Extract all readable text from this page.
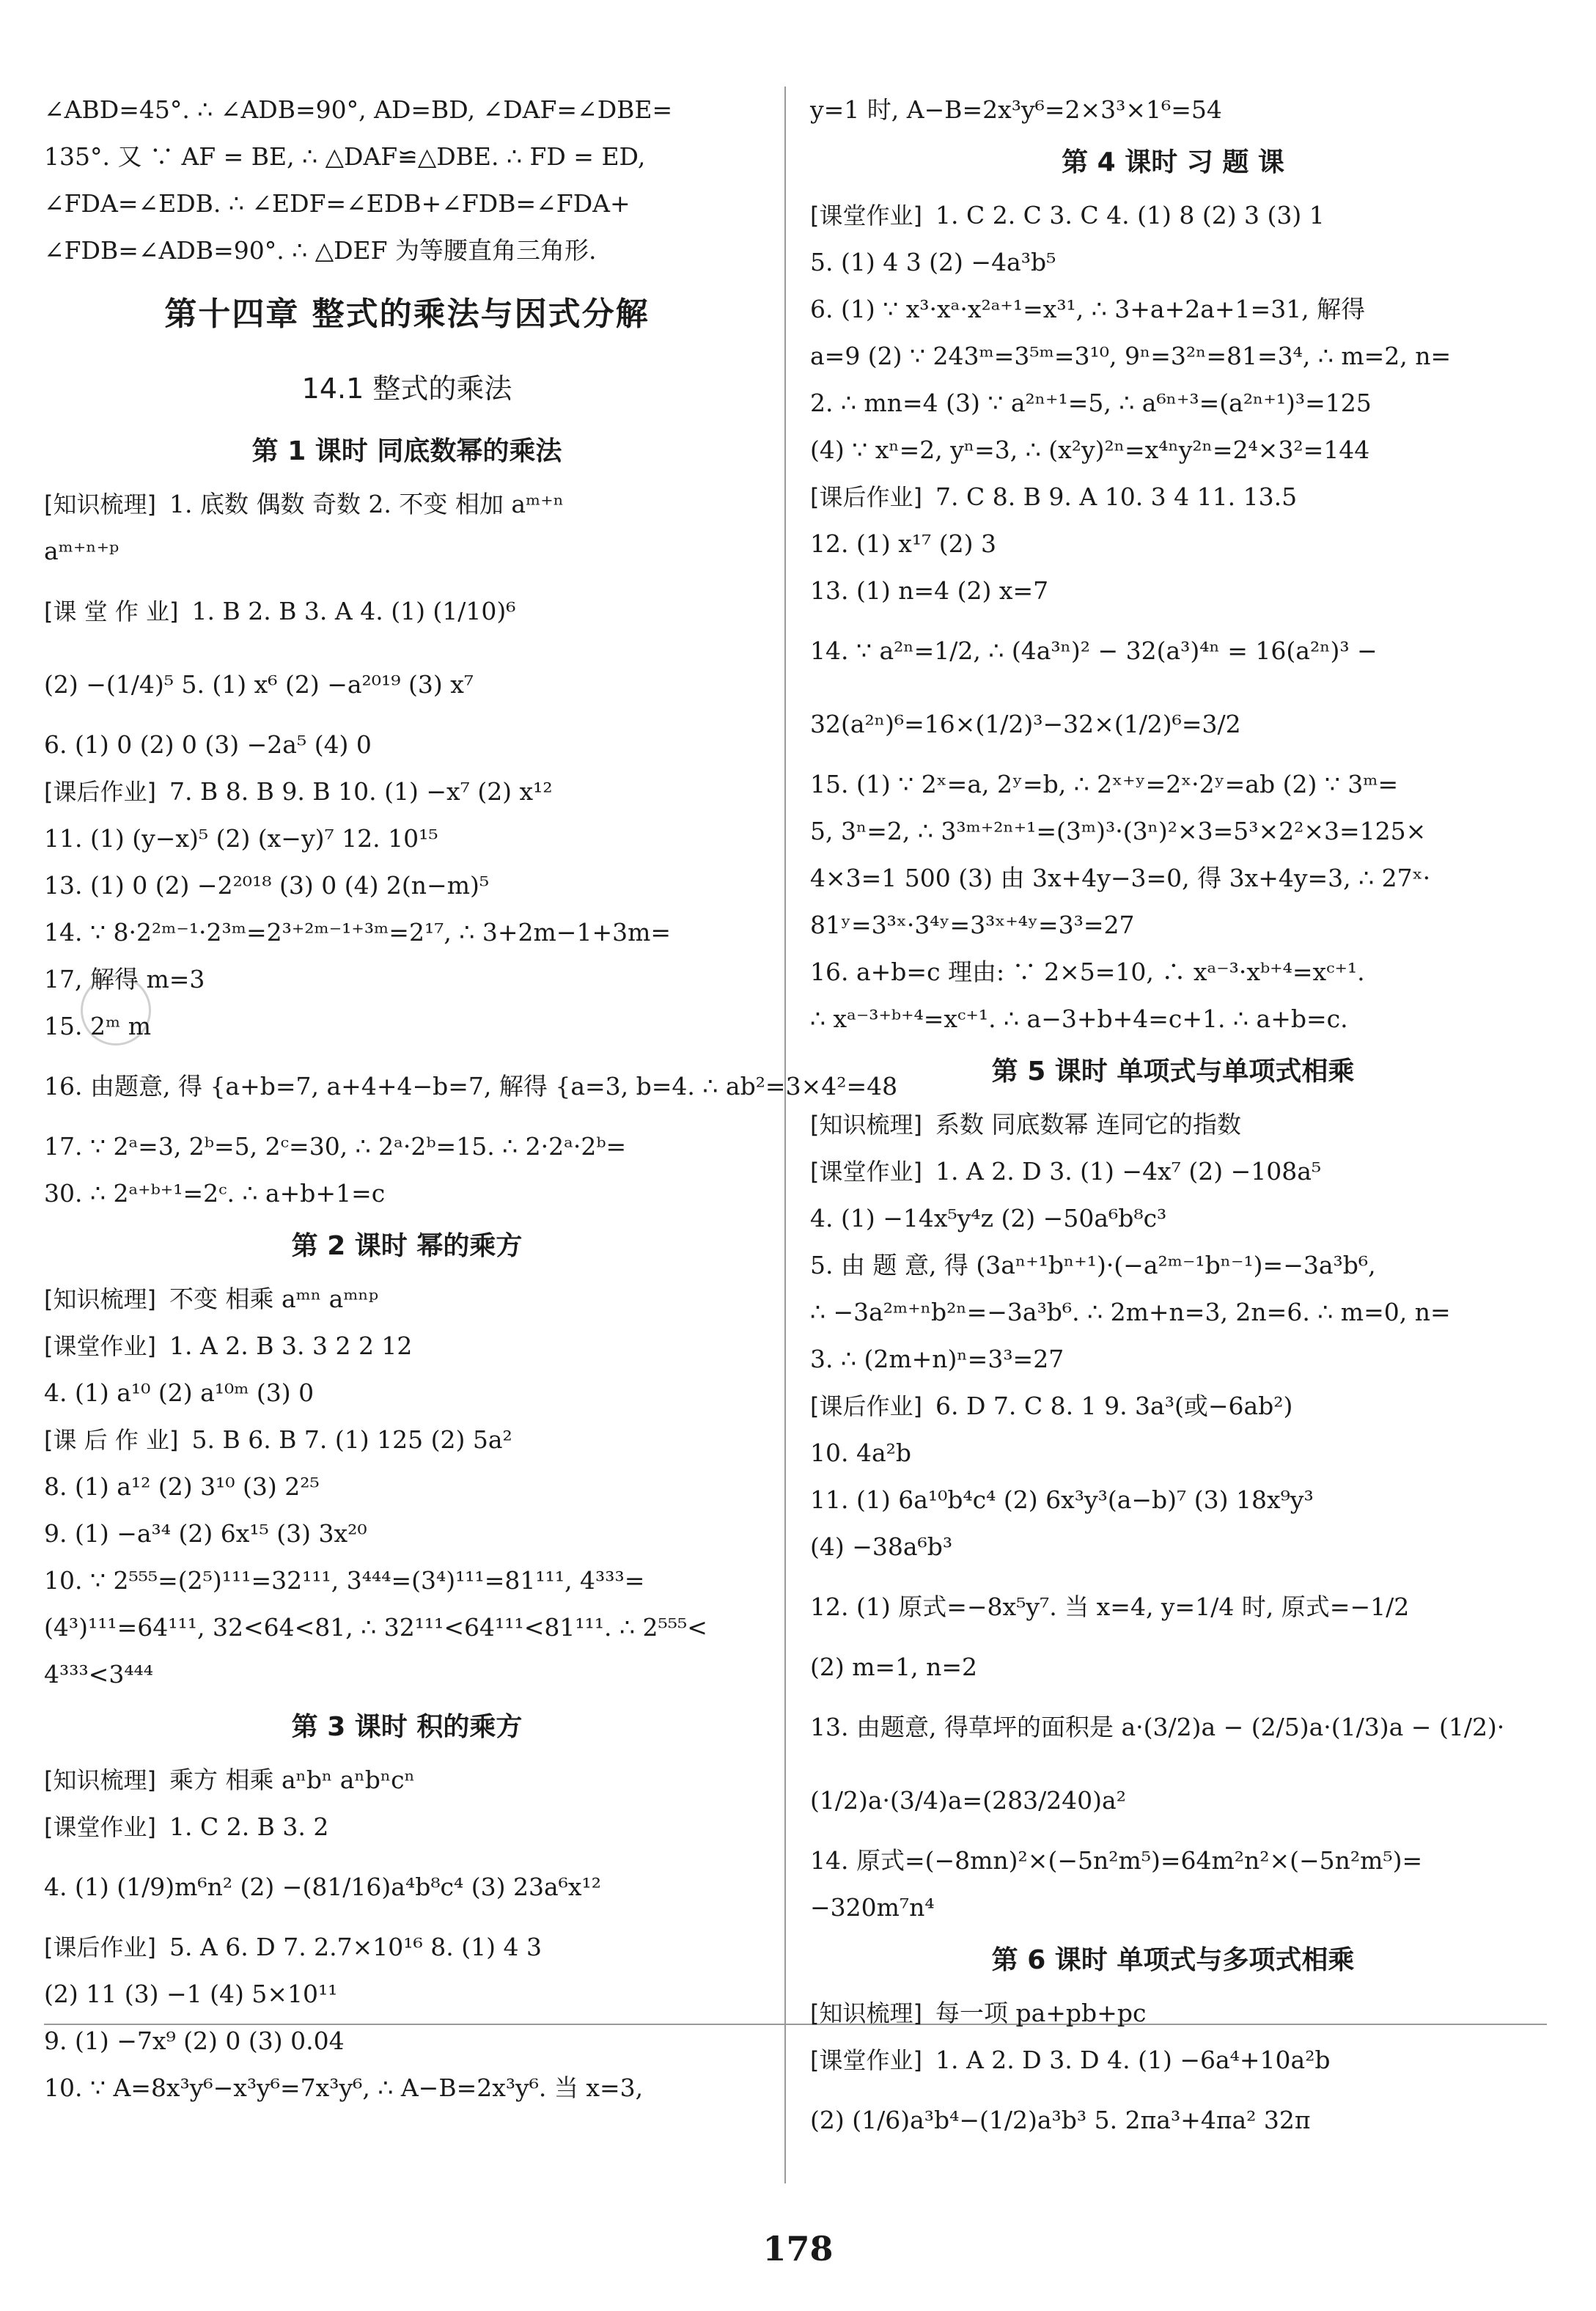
∠ABD=45°. ∴ ∠ADB=90°, AD=BD, ∠DAF=∠DBE=
135°. 又 ∵ AF = BE, ∴ △DAF≌△DBE. ∴ FD = ED,
∠FDA=∠EDB. ∴ ∠EDF=∠EDB+∠FDB=∠FDA+
∠FDB=∠ADB=90°. ∴ △DEF 为等腰直角三角形.
第十四章 整式的乘法与因式分解
14.1 整式的乘法
第 1 课时 同底数幂的乘法
[知识梳理] 1. 底数 偶数 奇数 2. 不变 相加 aᵐ⁺ⁿ
aᵐ⁺ⁿ⁺ᵖ
[课 堂 作 业] 1. B 2. B 3. A 4. (1) (1/10)⁶
(2) −(1/4)⁵ 5. (1) x⁶ (2) −a²⁰¹⁹ (3) x⁷
6. (1) 0 (2) 0 (3) −2a⁵ (4) 0
[课后作业] 7. B 8. B 9. B 10. (1) −x⁷ (2) x¹²
11. (1) (y−x)⁵ (2) (x−y)⁷ 12. 10¹⁵
13. (1) 0 (2) −2²⁰¹⁸ (3) 0 (4) 2(n−m)⁵
14. ∵ 8·2²ᵐ⁻¹·2³ᵐ=2³⁺²ᵐ⁻¹⁺³ᵐ=2¹⁷, ∴ 3+2m−1+3m=
17, 解得 m=3
15. 2ᵐ m
16. 由题意, 得 {a+b=7, a+4+4−b=7, 解得 {a=3, b=4. ∴ ab²=3×4²=48
17. ∵ 2ᵃ=3, 2ᵇ=5, 2ᶜ=30, ∴ 2ᵃ·2ᵇ=15. ∴ 2·2ᵃ·2ᵇ=
30. ∴ 2ᵃ⁺ᵇ⁺¹=2ᶜ. ∴ a+b+1=c
第 2 课时 幂的乘方
[知识梳理] 不变 相乘 aᵐⁿ aᵐⁿᵖ
[课堂作业] 1. A 2. B 3. 3 2 2 12
4. (1) a¹⁰ (2) a¹⁰ᵐ (3) 0
[课 后 作 业] 5. B 6. B 7. (1) 125 (2) 5a²
8. (1) a¹² (2) 3¹⁰ (3) 2²⁵
9. (1) −a³⁴ (2) 6x¹⁵ (3) 3x²⁰
10. ∵ 2⁵⁵⁵=(2⁵)¹¹¹=32¹¹¹, 3⁴⁴⁴=(3⁴)¹¹¹=81¹¹¹, 4³³³=
(4³)¹¹¹=64¹¹¹, 32<64<81, ∴ 32¹¹¹<64¹¹¹<81¹¹¹. ∴ 2⁵⁵⁵<
4³³³<3⁴⁴⁴
第 3 课时 积的乘方
[知识梳理] 乘方 相乘 aⁿbⁿ aⁿbⁿcⁿ
[课堂作业] 1. C 2. B 3. 2
4. (1) (1/9)m⁶n² (2) −(81/16)a⁴b⁸c⁴ (3) 23a⁶x¹²
[课后作业] 5. A 6. D 7. 2.7×10¹⁶ 8. (1) 4 3
(2) 11 (3) −1 (4) 5×10¹¹
9. (1) −7x⁹ (2) 0 (3) 0.04
10. ∵ A=8x³y⁶−x³y⁶=7x³y⁶, ∴ A−B=2x³y⁶. 当 x=3,
y=1 时, A−B=2x³y⁶=2×3³×1⁶=54
第 4 课时 习 题 课
[课堂作业] 1. C 2. C 3. C 4. (1) 8 (2) 3 (3) 1
5. (1) 4 3 (2) −4a³b⁵
6. (1) ∵ x³·xᵃ·x²ᵃ⁺¹=x³¹, ∴ 3+a+2a+1=31, 解得
a=9 (2) ∵ 243ᵐ=3⁵ᵐ=3¹⁰, 9ⁿ=3²ⁿ=81=3⁴, ∴ m=2, n=
2. ∴ mn=4 (3) ∵ a²ⁿ⁺¹=5, ∴ a⁶ⁿ⁺³=(a²ⁿ⁺¹)³=125
(4) ∵ xⁿ=2, yⁿ=3, ∴ (x²y)²ⁿ=x⁴ⁿy²ⁿ=2⁴×3²=144
[课后作业] 7. C 8. B 9. A 10. 3 4 11. 13.5
12. (1) x¹⁷ (2) 3
13. (1) n=4 (2) x=7
14. ∵ a²ⁿ=1/2, ∴ (4a³ⁿ)² − 32(a³)⁴ⁿ = 16(a²ⁿ)³ −
32(a²ⁿ)⁶=16×(1/2)³−32×(1/2)⁶=3/2
15. (1) ∵ 2ˣ=a, 2ʸ=b, ∴ 2ˣ⁺ʸ=2ˣ·2ʸ=ab (2) ∵ 3ᵐ=
5, 3ⁿ=2, ∴ 3³ᵐ⁺²ⁿ⁺¹=(3ᵐ)³·(3ⁿ)²×3=5³×2²×3=125×
4×3=1 500 (3) 由 3x+4y−3=0, 得 3x+4y=3, ∴ 27ˣ·
81ʸ=3³ˣ·3⁴ʸ=3³ˣ⁺⁴ʸ=3³=27
16. a+b=c 理由: ∵ 2×5=10, ∴ xᵃ⁻³·xᵇ⁺⁴=xᶜ⁺¹.
∴ xᵃ⁻³⁺ᵇ⁺⁴=xᶜ⁺¹. ∴ a−3+b+4=c+1. ∴ a+b=c.
第 5 课时 单项式与单项式相乘
[知识梳理] 系数 同底数幂 连同它的指数
[课堂作业] 1. A 2. D 3. (1) −4x⁷ (2) −108a⁵
4. (1) −14x⁵y⁴z (2) −50a⁶b⁸c³
5. 由 题 意, 得 (3aⁿ⁺¹bⁿ⁺¹)·(−a²ᵐ⁻¹bⁿ⁻¹)=−3a³b⁶,
∴ −3a²ᵐ⁺ⁿb²ⁿ=−3a³b⁶. ∴ 2m+n=3, 2n=6. ∴ m=0, n=
3. ∴ (2m+n)ⁿ=3³=27
[课后作业] 6. D 7. C 8. 1 9. 3a³(或−6ab²)
10. 4a²b
11. (1) 6a¹⁰b⁴c⁴ (2) 6x³y³(a−b)⁷ (3) 18x⁹y³
(4) −38a⁶b³
12. (1) 原式=−8x⁵y⁷. 当 x=4, y=1/4 时, 原式=−1/2
(2) m=1, n=2
13. 由题意, 得草坪的面积是 a·(3/2)a − (2/5)a·(1/3)a − (1/2)·
(1/2)a·(3/4)a=(283/240)a²
14. 原式=(−8mn)²×(−5n²m⁵)=64m²n²×(−5n²m⁵)=
−320m⁷n⁴
第 6 课时 单项式与多项式相乘
[知识梳理] 每一项 pa+pb+pc
[课堂作业] 1. A 2. D 3. D 4. (1) −6a⁴+10a²b
(2) (1/6)a³b⁴−(1/2)a³b³ 5. 2πa³+4πa² 32π
178
